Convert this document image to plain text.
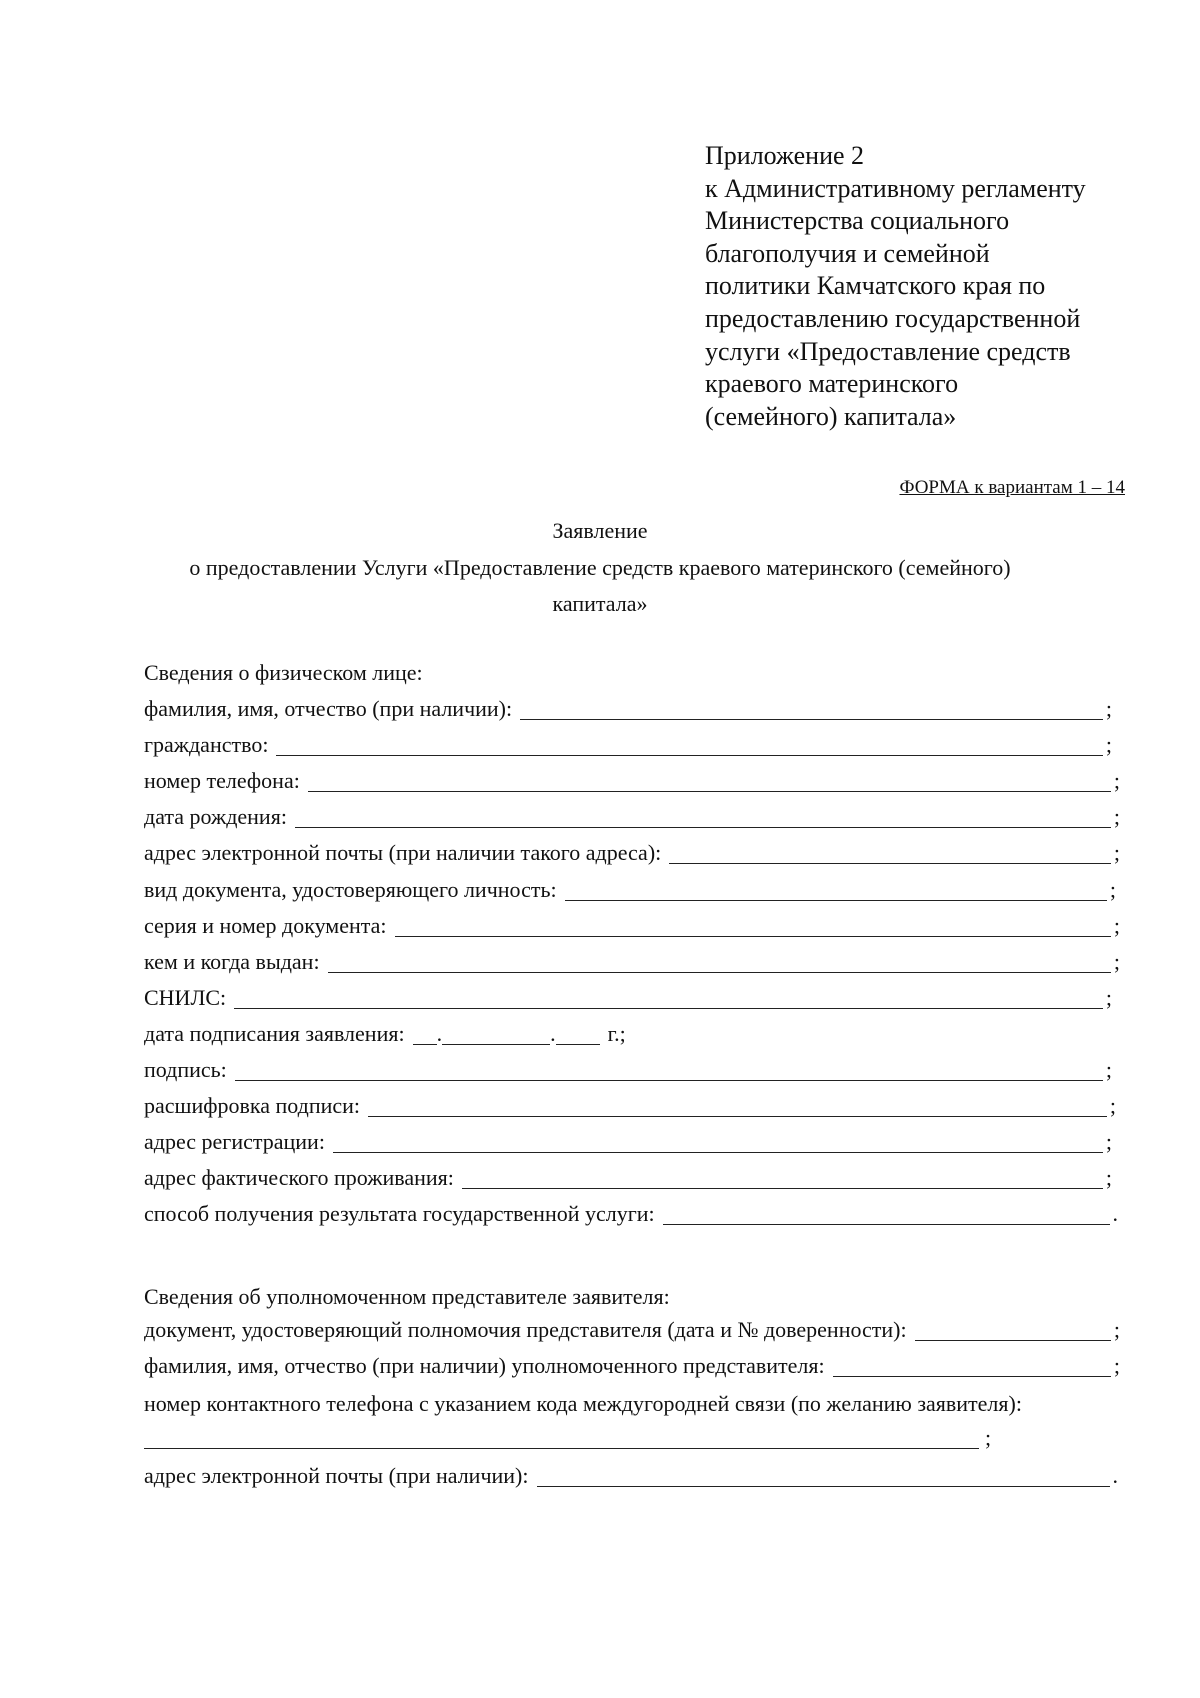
Приложение 2
к Административному регламенту
Министерства социального
благополучия и семейной
политики Камчатского края по
предоставлению государственной
услуги «Предоставление средств
краевого материнского
(семейного) капитала»
ФОРМА к вариантам 1 – 14
Заявление
о предоставлении Услуги «Предоставление средств краевого материнского (семейного)
капитала»
Сведения о физическом лице:
фамилия, имя, отчество (при наличии):	;
гражданство:	;
номер телефона:	;
дата рождения:	;
адрес электронной почты (при наличии такого адреса):	;
вид документа, удостоверяющего личность:	;
серия и номер документа:	;
кем и когда выдан:	;
СНИЛС:	;
дата подписания заявления: .	. г.;
подпись:	;
расшифровка подписи:	;
адрес регистрации:	;
адрес фактического проживания:	;
способ получения результата государственной услуги:	.
Сведения об уполномоченном представителе заявителя:
документ, удостоверяющий полномочия представителя (дата и № доверенности):	;
фамилия, имя, отчество (при наличии) уполномоченного представителя:	;
номер контактного телефона с указанием кода междугородней связи (по желанию заявителя):
;
адрес электронной почты (при наличии):	.
